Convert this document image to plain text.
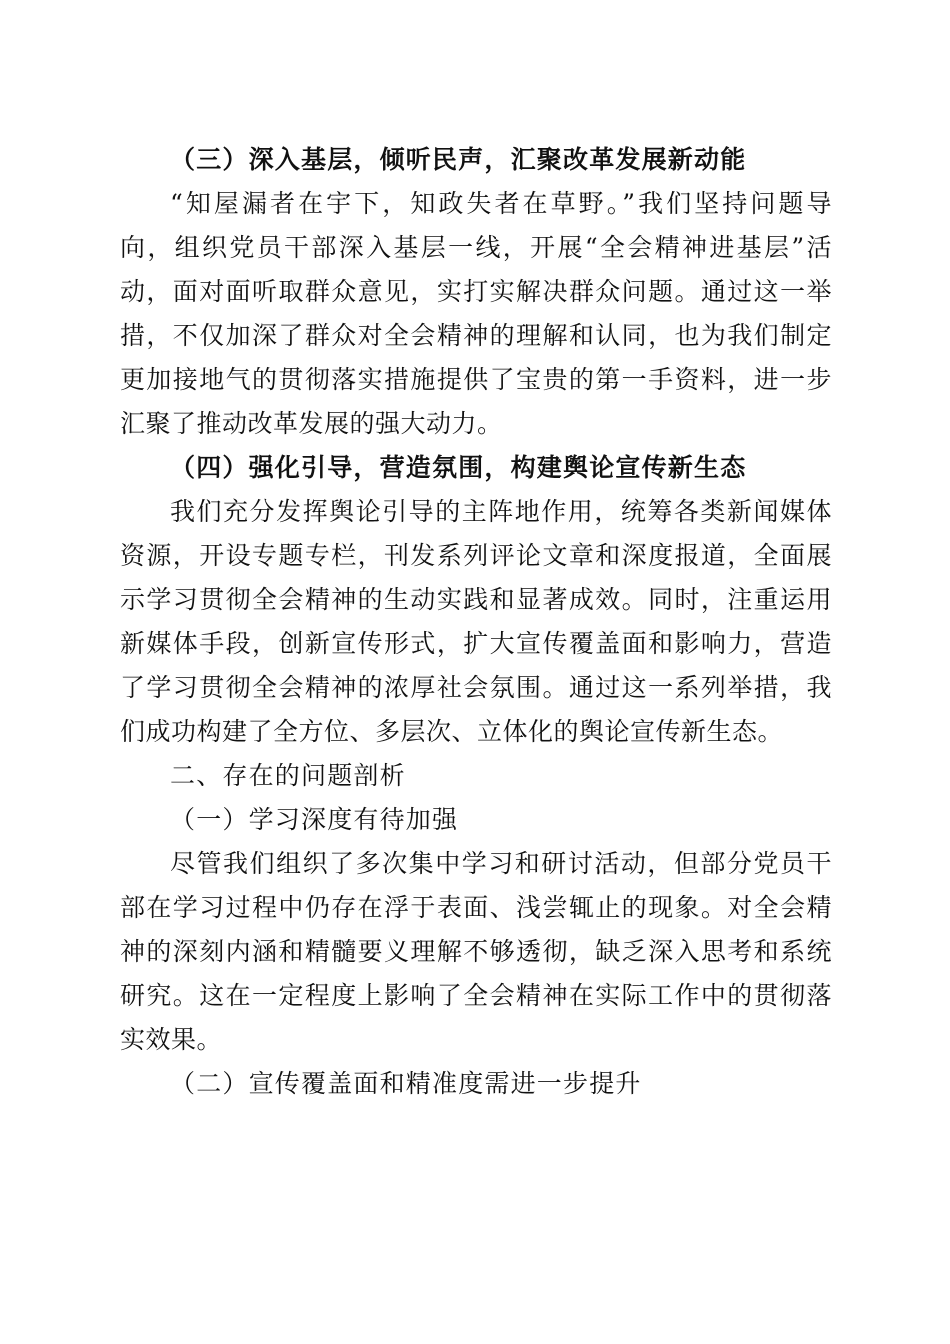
（三）深入基层，倾听民声，汇聚改革发展新动能
“知屋漏者在宇下，知政失者在草野。”我们坚持问题导
向，组织党员干部深入基层一线，开展“全会精神进基层”活
动，面对面听取群众意见，实打实解决群众问题。通过这一举
措，不仅加深了群众对全会精神的理解和认同，也为我们制定
更加接地气的贯彻落实措施提供了宝贵的第一手资料，进一步
汇聚了推动改革发展的强大动力。
（四）强化引导，营造氛围，构建舆论宣传新生态
我们充分发挥舆论引导的主阵地作用，统筹各类新闻媒体
资源，开设专题专栏，刊发系列评论文章和深度报道，全面展
示学习贯彻全会精神的生动实践和显著成效。同时，注重运用
新媒体手段，创新宣传形式，扩大宣传覆盖面和影响力，营造
了学习贯彻全会精神的浓厚社会氛围。通过这一系列举措，我
们成功构建了全方位、多层次、立体化的舆论宣传新生态。
二、存在的问题剖析
（一）学习深度有待加强
尽管我们组织了多次集中学习和研讨活动，但部分党员干
部在学习过程中仍存在浮于表面、浅尝辄止的现象。对全会精
神的深刻内涵和精髓要义理解不够透彻，缺乏深入思考和系统
研究。这在一定程度上影响了全会精神在实际工作中的贯彻落
实效果。
（二）宣传覆盖面和精准度需进一步提升
